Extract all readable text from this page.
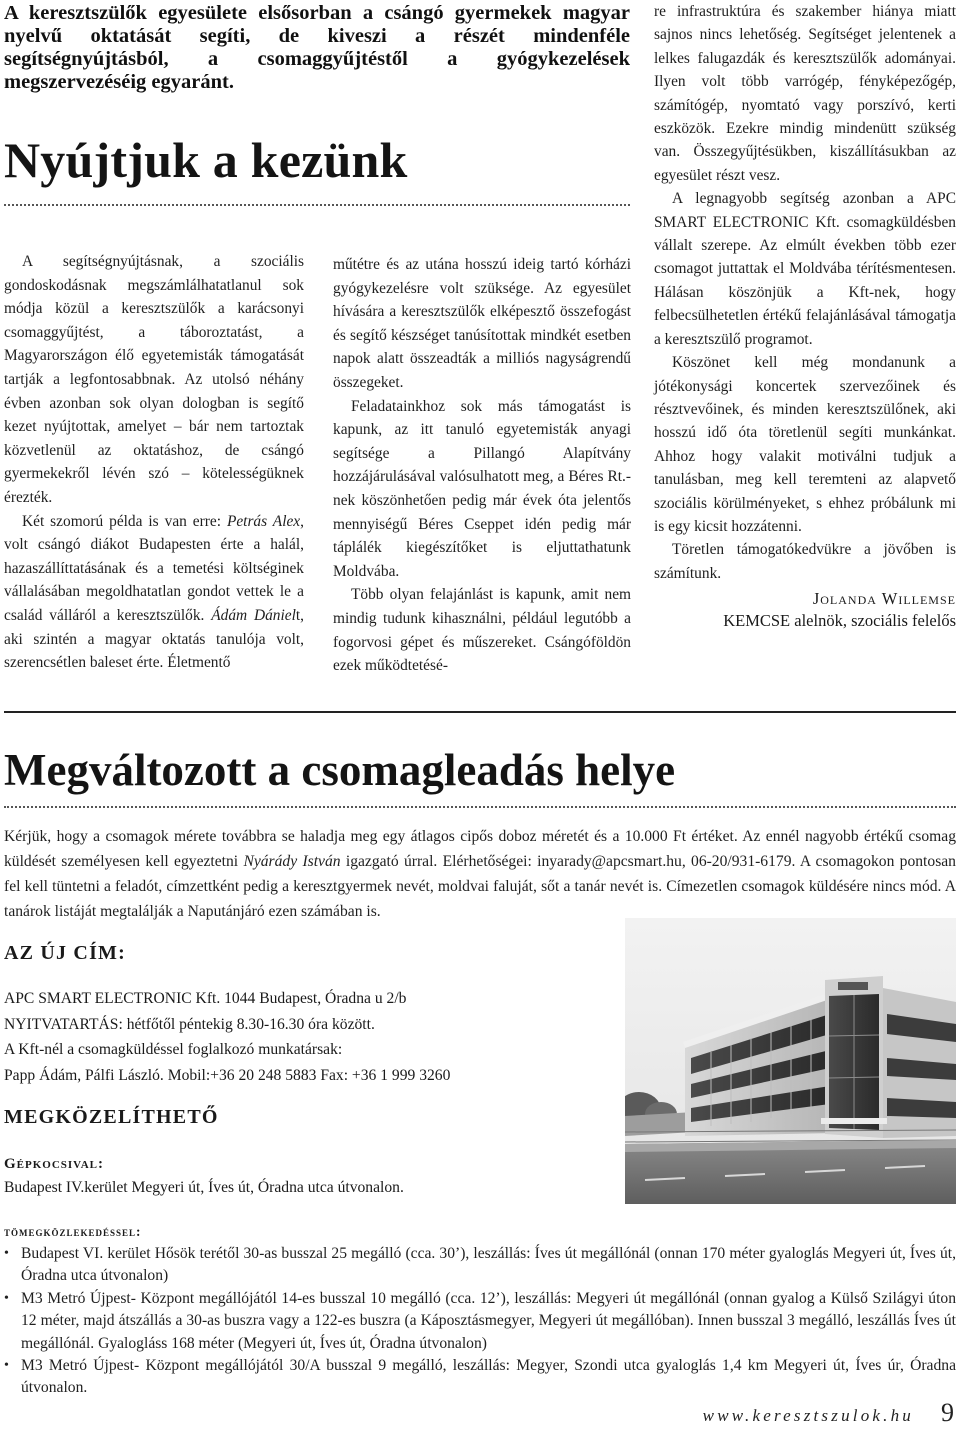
A keresztszülők egyesülete elsősorban a csángó gyermekek magyar nyelvű oktatását segíti, de kiveszi a részét mindenféle segítségnyújtásból, a csomaggyűjtéstől a gyógykezelések megszervezéséig egyaránt.

Nyújtjuk a kezünk

A segítségnyújtásnak, a szociális gondoskodásnak megszámlálhatatlanul sok módja közül a keresztszülők a karácsonyi csomaggyűjtést, a táboroztatást, a Magyarországon élő egyetemisták támogatását tartják a legfontosabbnak. Az utolsó néhány évben azonban sok olyan dologban is segítő kezet nyújtottak, amelyet – bár nem tartoztak közvetlenül az oktatáshoz, de csángó gyermekekről lévén szó – kötelességüknek érezték.

Két szomorú példa is van erre: Petrás Alex, volt csángó diákot Budapesten érte a halál, hazaszállíttatásának és a temetési költséginek vállalásában megoldhatatlan gondot vettek le a család válláról a keresztszülők. Ádám Dánielt, aki szintén a magyar oktatás tanulója volt, szerencsétlen baleset érte. Életmentő

műtétre és az utána hosszú ideig tartó kórházi gyógykezelésre volt szüksége. Az egyesület hívására a keresztszülők elképesztő összefogást és segítő készséget tanúsítottak mindkét esetben napok alatt összeadták a milliós nagyságrendű összegeket.

Feladatainkhoz sok más támogatást is kapunk, az itt tanuló egyetemisták anyagi segítsége a Pillangó Alapítvány hozzájárulásával valósulhatott meg, a Béres Rt.-nek köszönhetően pedig már évek óta jelentős mennyiségű Béres Cseppet idén pedig már táplálék kiegészítőket is eljuttathatunk Moldvába.

Több olyan felajánlást is kapunk, amit nem mindig tudunk kihasználni, például legutóbb a fogorvosi gépet és műszereket. Csángóföldön ezek működtetésé-

re infrastruktúra és szakember hiánya miatt sajnos nincs lehetőség. Segítséget jelentenek a lelkes falugazdák és keresztszülők adományai. Ilyen volt több varrógép, fényképezőgép, számítógép, nyomtató vagy porszívó, kerti eszközök. Ezekre mindig mindenütt szükség van. Összegyűjtésükben, kiszállításukban az egyesület részt vesz.

A legnagyobb segítség azonban a APC SMART ELECTRONIC Kft. csomagküldésben vállalt szerepe. Az elmúlt években több ezer csomagot juttattak el Moldvába térítésmentesen. Hálásan köszönjük a Kft-nek, hogy felbecsülhetetlen értékű felajánlásával támogatja a keresztszülő programot.

Köszönet kell még mondanunk a jótékonysági koncertek szervezőinek és résztvevőinek, és minden keresztszülőnek, aki hosszú idő óta töretlenül segíti munkánkat. Ahhoz hogy valakit motiválni tudjuk a tanulásban, meg kell teremteni az alapvető szociális körülményeket, s ehhez próbálunk mi is egy kicsit hozzátenni.

Töretlen támogatókedvükre a jövőben is számítunk.

Jolanda Willemse
KEMCSE alelnök, szociális felelős
Megváltozott a csomagleadás helye

Kérjük, hogy a csomagok mérete továbbra se haladja meg egy átlagos cipős doboz méretét és a 10.000 Ft értéket. Az ennél nagyobb értékű csomag küldését személyesen kell egyeztetni Nyárády István igazgató úrral. Elérhetőségei: inyarady@apcsmart.hu, 06-20/931-6179. A csomagokon pontosan fel kell tüntetni a feladót, címzettként pedig a keresztgyermek nevét, moldvai faluját, sőt a tanár nevét is. Címezetlen csomagok küldésére nincs mód. A tanárok listáját megtalálják a Naputánjáró ezen számában is.

AZ ÚJ CÍM:
APC SMART ELECTRONIC Kft. 1044 Budapest, Óradna u 2/b
NYITVATARTÁS: hétfőtől péntekig 8.30-16.30 óra között.
A Kft-nél a csomagküldéssel foglalkozó munkatársak:
Papp Ádám, Pálfi László. Mobil:+36 20 248 5883 Fax: +36 1 999 3260
MEGKÖZELÍTHETŐ
Gépkocsival:
Budapest IV.kerület Megyeri út, Íves út, Óradna utca útvonalon.
tömegközlekedéssel:
• Budapest VI. kerület Hősök terétől 30-as busszal 25 megálló (cca. 30’), leszállás: Íves út megállónál (onnan 170 méter gyaloglás Megyeri út, Íves út, Óradna utca útvonalon)
• M3 Metró Újpest- Központ megállójától 14-es busszal 10 megálló (cca. 12’), leszállás: Megyeri út megállónál (onnan gyalog a Külső Szilágyi úton 12 méter, majd átszállás a 30-as buszra vagy a 122-es buszra (a Káposztásmegyer, Megyeri út megállóban). Innen busszal 3 megálló, leszállás Íves út megállónál. Gyalogláss 168 méter (Megyeri út, Íves út, Óradna útvonalon)
• M3 Metró Újpest- Központ megállójától 30/A busszal 9 megálló, leszállás: Megyer, Szondi utca gyaloglás 1,4 km Megyeri út, Íves úr, Óradna útvonalon.
www.keresztszulok.hu 9
